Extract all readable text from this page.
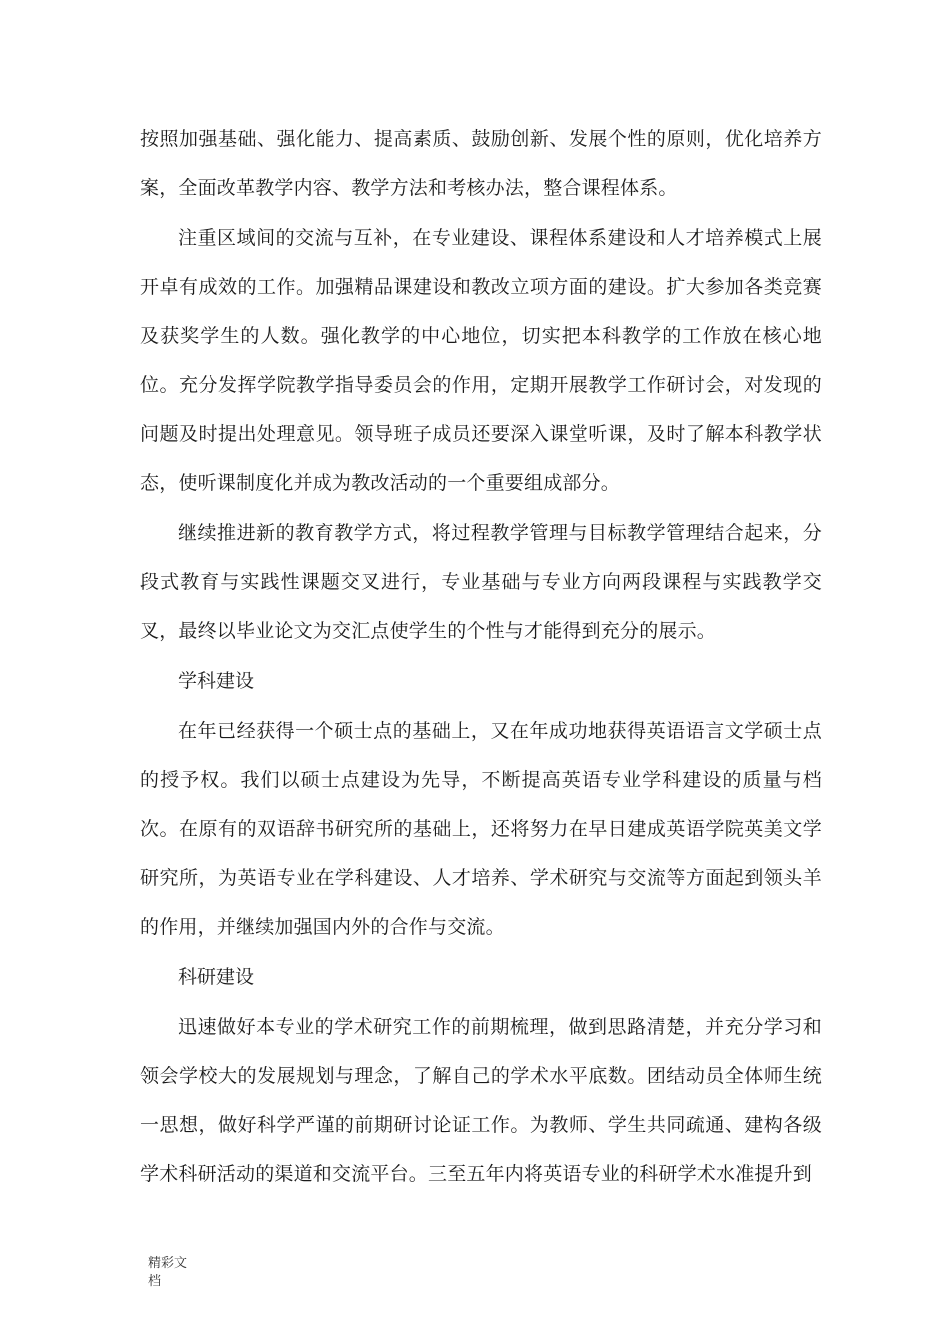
按照加强基础、强化能力、提高素质、鼓励创新、发展个性的原则，优化培养方案，全面改革教学内容、教学方法和考核办法，整合课程体系。

注重区域间的交流与互补，在专业建设、课程体系建设和人才培养模式上展开卓有成效的工作。加强精品课建设和教改立项方面的建设。扩大参加各类竞赛及获奖学生的人数。强化教学的中心地位，切实把本科教学的工作放在核心地位。充分发挥学院教学指导委员会的作用，定期开展教学工作研讨会，对发现的问题及时提出处理意见。领导班子成员还要深入课堂听课，及时了解本科教学状态，使听课制度化并成为教改活动的一个重要组成部分。

继续推进新的教育教学方式，将过程教学管理与目标教学管理结合起来，分段式教育与实践性课题交叉进行，专业基础与专业方向两段课程与实践教学交叉，最终以毕业论文为交汇点使学生的个性与才能得到充分的展示。

学科建设

在年已经获得一个硕士点的基础上，又在年成功地获得英语语言文学硕士点的授予权。我们以硕士点建设为先导，不断提高英语专业学科建设的质量与档次。在原有的双语辞书研究所的基础上，还将努力在早日建成英语学院英美文学研究所，为英语专业在学科建设、人才培养、学术研究与交流等方面起到领头羊的作用，并继续加强国内外的合作与交流。

科研建设

迅速做好本专业的学术研究工作的前期梳理，做到思路清楚，并充分学习和领会学校大的发展规划与理念，了解自己的学术水平底数。团结动员全体师生统一思想，做好科学严谨的前期研讨论证工作。为教师、学生共同疏通、建构各级学术科研活动的渠道和交流平台。三至五年内将英语专业的科研学术水准提升到

精彩文
档
